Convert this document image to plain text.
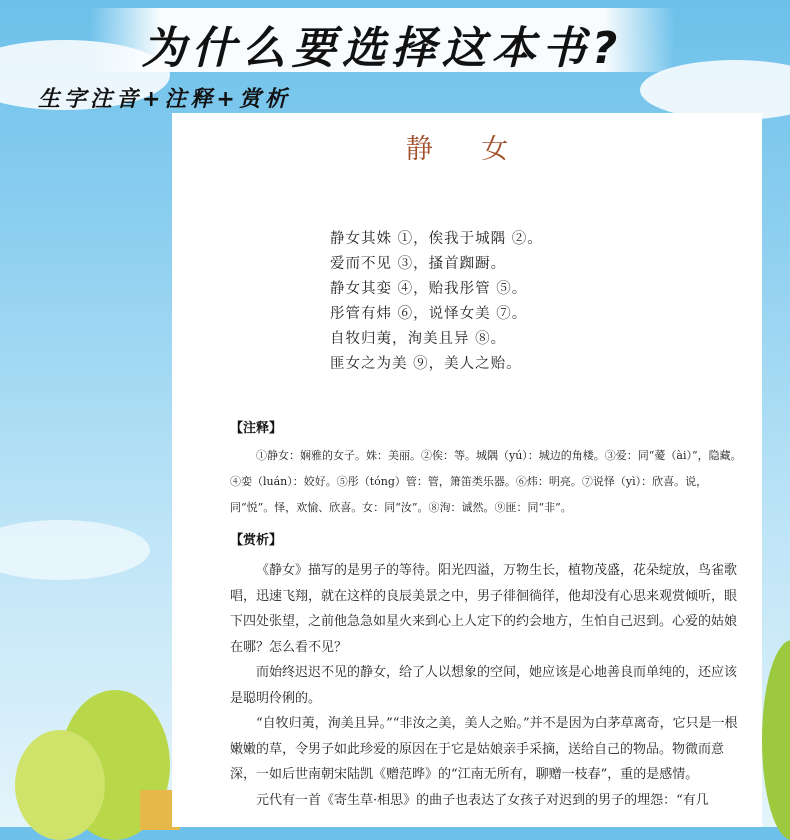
为什么要选择这本书?
生字注音+注释+赏析
静 女
静女其姝 ①，俟我于城隅 ②。
爱而不见 ③，搔首踟蹰。
静女其娈 ④，贻我彤管 ⑤。
彤管有炜 ⑥，说怿女美 ⑦。
自牧归荑，洵美且异 ⑧。
匪女之为美 ⑨，美人之贻。
【注释】
①静女：娴雅的女子。姝：美丽。②俟：等。城隅（yú）：城边的角楼。③爱：同“薆（ài）”，隐藏。④娈（luán）：姣好。⑤彤（tóng）管：管，箫笛类乐器。⑥炜：明亮。⑦说怿（yì）：欣喜。说，同“悦”。怿，欢愉、欣喜。女：同“汝”。⑧洵：诚然。⑨匪：同“非”。
【赏析】

《静女》描写的是男子的等待。阳光四溢，万物生长，植物茂盛，花朵绽放，鸟雀歌唱，迅速飞翔，就在这样的良辰美景之中，男子徘徊徜徉，他却没有心思来观赏倾听，眼下四处张望，之前他急急如星火来到心上人定下的约会地方，生怕自己迟到。心爱的姑娘在哪？怎么看不见？

而始终迟迟不见的静女，给了人以想象的空间，她应该是心地善良而单纯的，还应该是聪明伶俐的。

“自牧归荑，洵美且异。”“非汝之美，美人之贻。”并不是因为白茅草离奇，它只是一根嫩嫩的草，令男子如此珍爱的原因在于它是姑娘亲手采摘，送给自己的物品。物微而意深，一如后世南朝宋陆凯《赠范晔》的“江南无所有，聊赠一枝春”，重的是感情。

元代有一首《寄生草·相思》的曲子也表达了女孩子对迟到的男子的埋怨：“有几
